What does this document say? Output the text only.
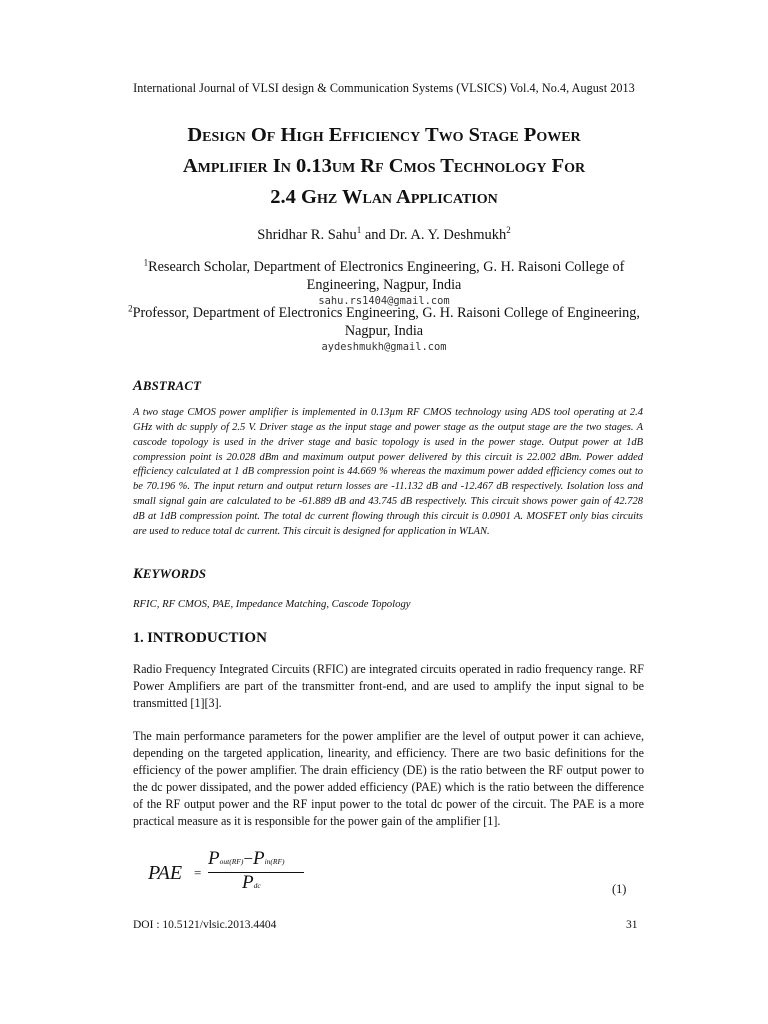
International Journal of VLSI design & Communication Systems (VLSICS) Vol.4, No.4, August 2013
Design Of High Efficiency Two Stage Power
Amplifier In 0.13um Rf Cmos Technology For
2.4 Ghz Wlan Application
Shridhar R. Sahu$^1$ and Dr. A. Y. Deshmukh$^2$
$^1$Research Scholar, Department of Electronics Engineering, G. H. Raisoni College of Engineering, Nagpur, India
sahu.rs1404@gmail.com
$^2$Professor, Department of Electronics Engineering, G. H. Raisoni College of Engineering, Nagpur, India
aydeshmukh@gmail.com
ABSTRACT
A two stage CMOS power amplifier is implemented in 0.13µm RF CMOS technology using ADS tool operating at 2.4 GHz with dc supply of 2.5 V. Driver stage as the input stage and power stage as the output stage are the two stages. A cascode topology is used in the driver stage and basic topology is used in the power stage. Output power at 1dB compression point is 20.028 dBm and maximum output power delivered by this circuit is 22.002 dBm. Power added efficiency calculated at 1 dB compression point is 44.669 % whereas the maximum power added efficiency comes out to be 70.196 %. The input return and output return losses are -11.132 dB and -12.467 dB respectively. Isolation loss and small signal gain are calculated to be -61.889 dB and 43.745 dB respectively. This circuit shows power gain of 42.728 dB at 1dB compression point. The total dc current flowing through this circuit is 0.0901 A. MOSFET only bias circuits are used to reduce total dc current. This circuit is designed for application in WLAN.
KEYWORDS
RFIC, RF CMOS, PAE, Impedance Matching, Cascode Topology
1. INTRODUCTION
Radio Frequency Integrated Circuits (RFIC) are integrated circuits operated in radio frequency range. RF Power Amplifiers are part of the transmitter front-end, and are used to amplify the input signal to be transmitted [1][3].
The main performance parameters for the power amplifier are the level of output power it can achieve, depending on the targeted application, linearity, and efficiency. There are two basic definitions for the efficiency of the power amplifier. The drain efficiency (DE) is the ratio between the RF output power to the dc power dissipated, and the power added efficiency (PAE) which is the ratio between the difference of the RF output power and the RF input power to the total dc power of the circuit. The PAE is a more practical measure as it is responsible for the power gain of the amplifier [1].
PAE =
Pout(RF)−Pin(RF)
Pdc	(1)
DOI : 10.5121/vlsic.2013.4404	31
